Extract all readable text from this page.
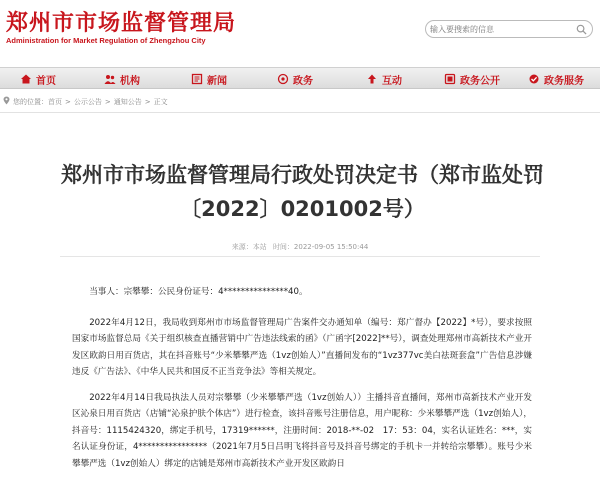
郑州市市场监督管理局
Administration for Market Regulation of Zhengzhou City
输入要搜索的信息
首页	机构	新闻	政务	互动	政务公开	政务服务
您的位置：首页 > 公示公告 > 通知公告 > 正文
郑州市市场监督管理局行政处罚决定书（郑市监处罚〔2022〕0201002号）
来源：本站 时间：2022-09-05 15:50:44

当事人：宗攀攀：公民身份证号：4***************40。

2022年4月12日，我局收到郑州市市场监督管理局广告案件交办通知单（编号：郑广督办【2022】*号），要求按照国家市场监督总局《关于组织核查直播营销中广告违法线索的函》（广函字[2022]**号），调查处理郑州市高新技术产业开发区欧韵日用百货店，其在抖音账号“少米攀攀严选（1vz创始人）”直播间发布的“1vz377vc美白祛斑套盒”广告信息涉嫌违反《广告法》、《中华人民共和国反不正当竞争法》等相关规定。

2022年4月14日我局执法人员对宗攀攀（少米攀攀严选（1vz创始人））主播抖音直播间，郑州市高新技术产业开发区沁泉日用百货店（店铺“沁泉护肤个体店”）进行检查，该抖音账号注册信息，用户昵称：少米攀攀严选（1vz创始人），抖音号：1115424320，绑定手机号，17319******，注册时间：2018-**-02　17：53：04，实名认证姓名：***，实名认证身份证，4****************（2021年7月5日吕明飞将抖音号及抖音号绑定的手机卡一并转给宗攀攀）。账号少米攀攀严选（1vz创始人）绑定的店铺是郑州市高新技术产业开发区欧韵日
